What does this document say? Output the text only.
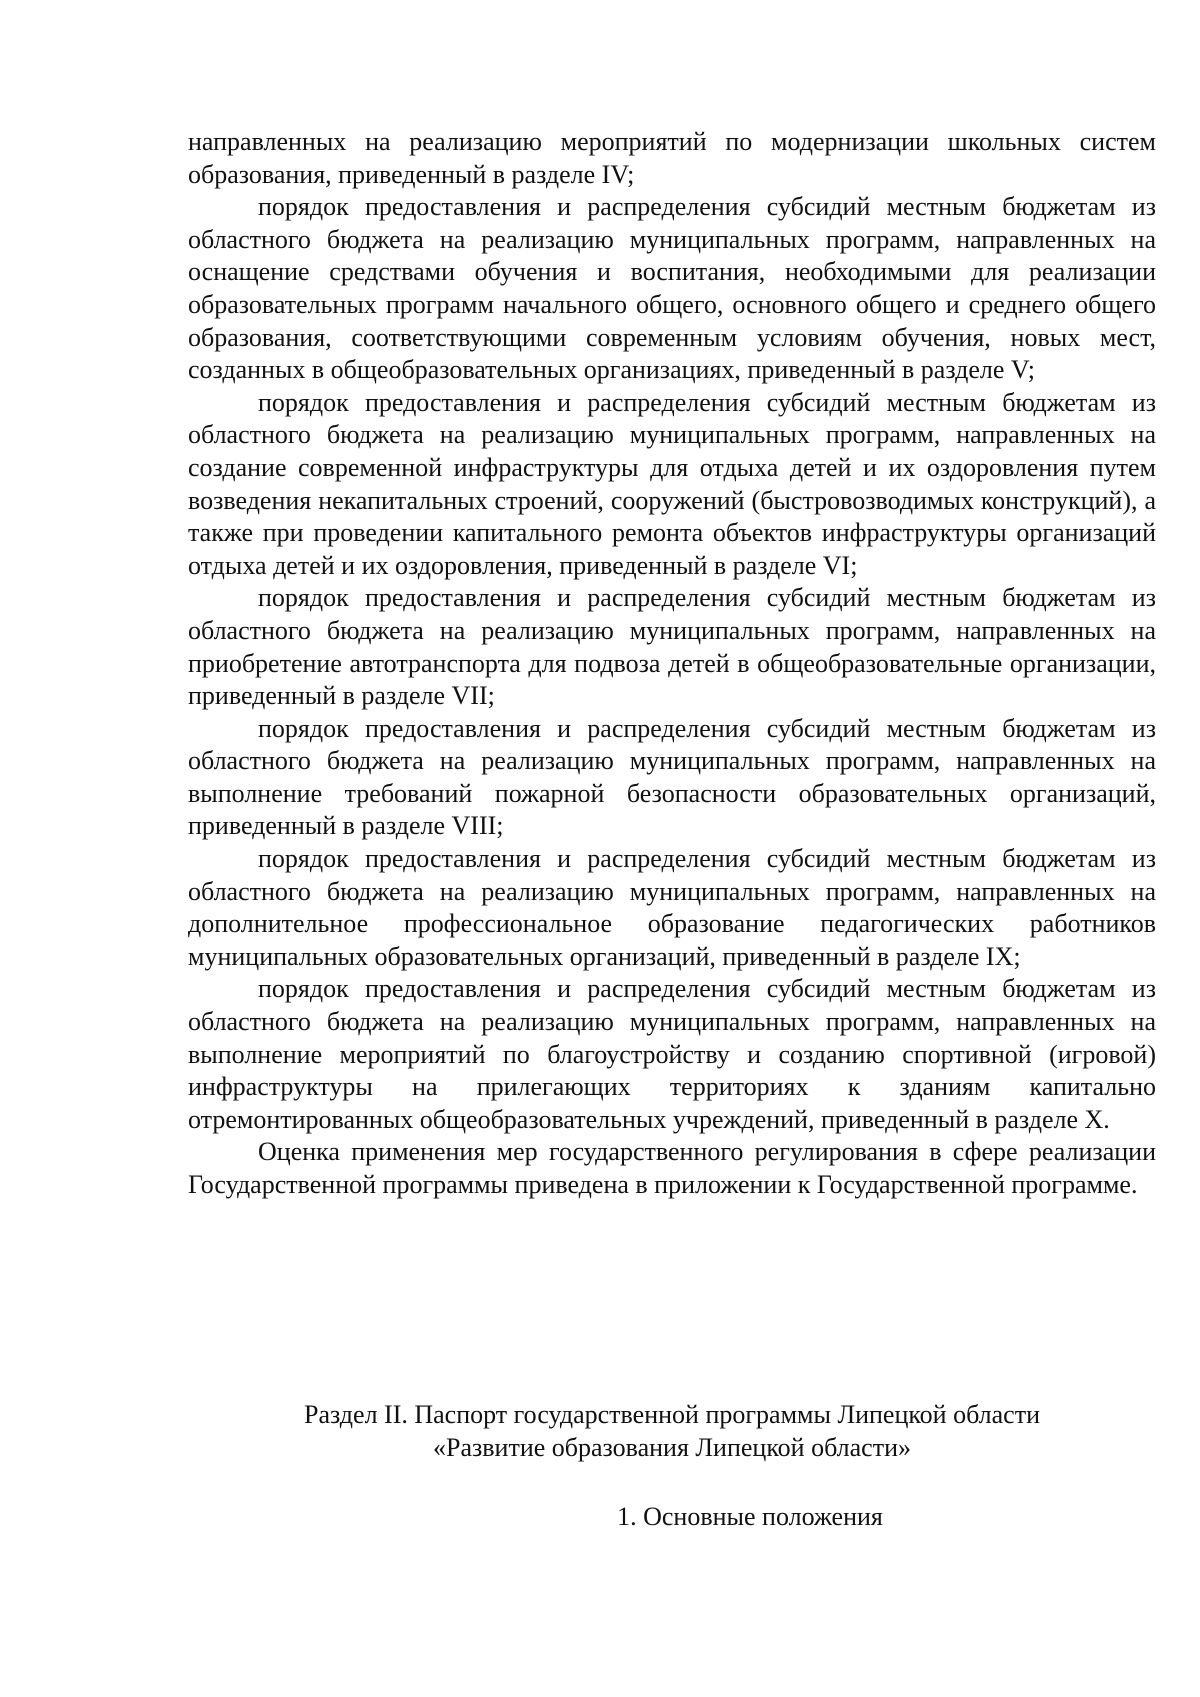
направленных на реализацию мероприятий по модернизации школьных систем образования, приведенный в разделе IV;

порядок предоставления и распределения субсидий местным бюджетам из областного бюджета на реализацию муниципальных программ, направленных на оснащение средствами обучения и воспитания, необходимыми для реализации образовательных программ начального общего, основного общего и среднего общего образования, соответствующими современным условиям обучения, новых мест, созданных в общеобразовательных организациях, приведенный в разделе V;

порядок предоставления и распределения субсидий местным бюджетам из областного бюджета на реализацию муниципальных программ, направленных на создание современной инфраструктуры для отдыха детей и их оздоровления путем возведения некапитальных строений, сооружений (быстровозводимых конструкций), а также при проведении капитального ремонта объектов инфраструктуры организаций отдыха детей и их оздоровления, приведенный в разделе VI;

порядок предоставления и распределения субсидий местным бюджетам из областного бюджета на реализацию муниципальных программ, направленных на приобретение автотранспорта для подвоза детей в общеобразовательные организации, приведенный в разделе VII;

порядок предоставления и распределения субсидий местным бюджетам из областного бюджета на реализацию муниципальных программ, направленных на выполнение требований пожарной безопасности образовательных организаций, приведенный в разделе VIII;

порядок предоставления и распределения субсидий местным бюджетам из областного бюджета на реализацию муниципальных программ, направленных на дополнительное профессиональное образование педагогических работников муниципальных образовательных организаций, приведенный в разделе IX;

порядок предоставления и распределения субсидий местным бюджетам из областного бюджета на реализацию муниципальных программ, направленных на выполнение мероприятий по благоустройству и созданию спортивной (игровой) инфраструктуры на прилегающих территориях к зданиям капитально отремонтированных общеобразовательных учреждений, приведенный в разделе X.

Оценка применения мер государственного регулирования в сфере реализации Государственной программы приведена в приложении к Государственной программе.

Раздел II. Паспорт государственной программы Липецкой области
«Развитие образования Липецкой области»
1. Основные положения
